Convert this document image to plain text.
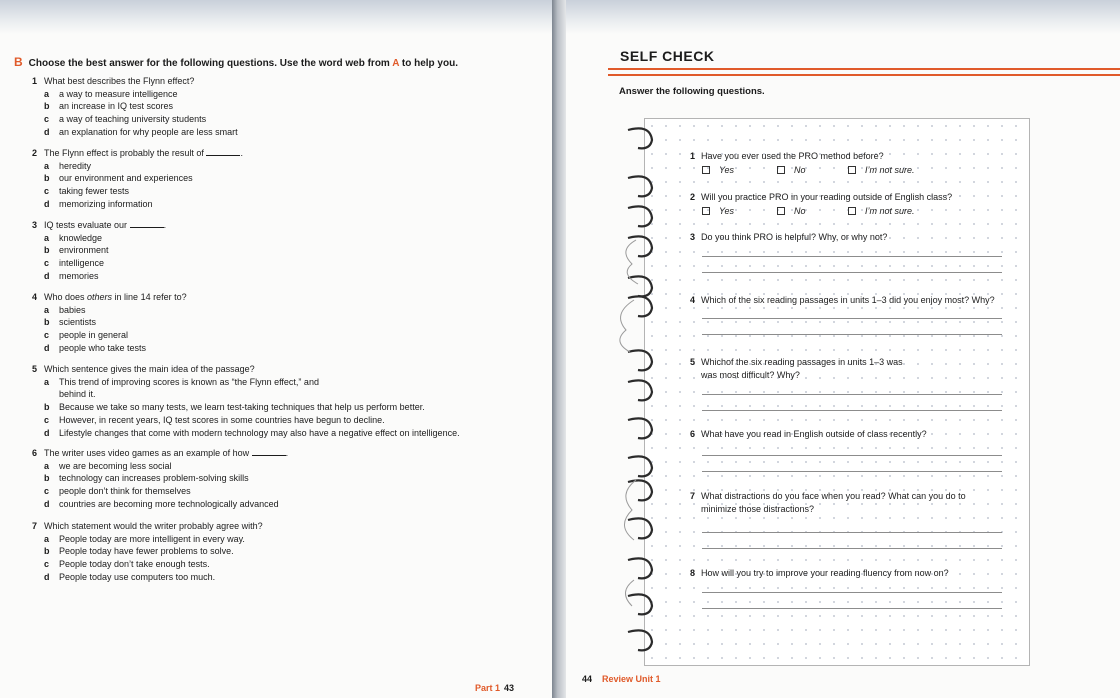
B Choose the best answer for the following questions. Use the word web from A to help you.
1 What best describes the Flynn effect?
a a way to measure intelligence
b an increase in IQ test scores
c a way of teaching university students
d an explanation for why people are less smart
2 The Flynn effect is probably the result of	.
a heredity
b our environment and experiences
c taking fewer tests
d memorizing information
3 IQ tests evaluate our	.
a knowledge
b environment
c intelligence
d memories
4 Who does others in line 14 refer to?
a babies
b scientists
c people in general
d people who take tests
5 Which sentence gives the main idea of the passage?
a This trend of improving scores is known as “the Flynn effect,” and
behind it.
b Because we take so many tests, we learn test-taking techniques that help us perform better.
c However, in recent years, IQ test scores in some countries have begun to decline.
d Lifestyle changes that come with modern technology may also have a negative effect on intelligence.
6 The writer uses video games as an example of how	.
a we are becoming less social
b technology can increases problem-solving skills
c people don’t think for themselves
d countries are becoming more technologically advanced
7 Which statement would the writer probably agree with?
a People today are more intelligent in every way.
b People today have fewer problems to solve.
c People today don’t take enough tests.
d People today use computers too much.
Part 1 43
SELF CHECK
Answer the following questions.
1 Have you ever used the PRO method before?
Yes	No	I’m not sure.
2 Will you practice PRO in your reading outside of English class?
Yes	No	I’m not sure.
3 Do you think PRO is helpful? Why, or why not?
4 Which of the six reading passages in units 1–3 did you enjoy most? Why?
5 Whichof the six reading passages in units 1–3 was
was most difficult? Why?
6 What have you read in English outside of class recently?
7 What distractions do you face when you read? What can you do to
minimize those distractions?
8 How will you try to improve your reading fluency from now on?
44 Review Unit 1
